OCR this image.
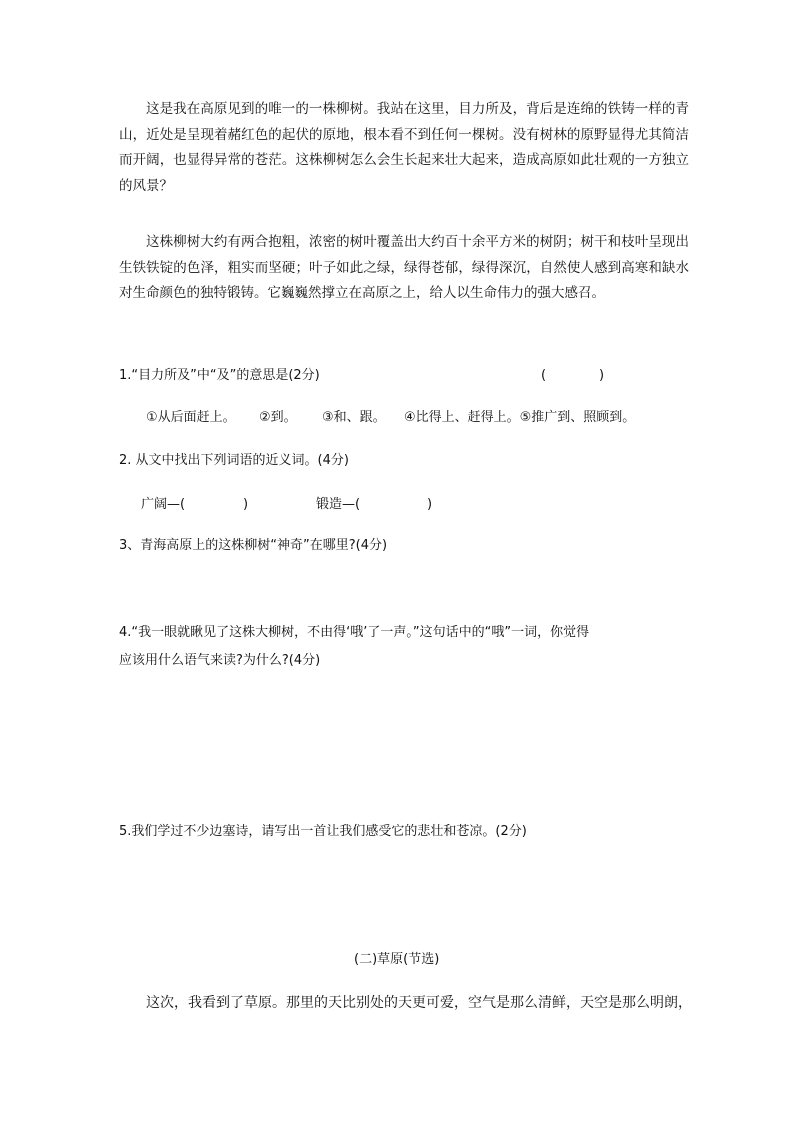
这是我在高原见到的唯一的一株柳树。我站在这里，目力所及，背后是连绵的铁铸一样的青山，近处是呈现着赭红色的起伏的原地，根本看不到任何一棵树。没有树林的原野显得尤其简洁而开阔，也显得异常的苍茫。这株柳树怎么会生长起来壮大起来，造成高原如此壮观的一方独立的风景？

这株柳树大约有两合抱粗，浓密的树叶覆盖出大约百十余平方米的树阴；树干和枝叶呈现出生铁铁锭的色泽，粗实而坚硬；叶子如此之绿，绿得苍郁，绿得深沉，自然使人感到高寒和缺水对生命颜色的独特锻铸。它巍巍然撑立在高原之上，给人以生命伟力的强大感召。

1.“目力所及”中“及”的意思是(2分)	(	)
①从后面赶上。 ②到。 ③和、跟。 ④比得上、赶得上。⑤推广到、照顾到。
2. 从文中找出下列词语的近义词。(4分)
广阔—(	)	锻造—(	)
3、青海高原上的这株柳树“神奇”在哪里?(4分)
4.“我一眼就瞅见了这株大柳树，不由得‘哦’了一声。”这句话中的“哦”一词，你觉得
应该用什么语气来读?为什么?(4分)
5.我们学过不少边塞诗，请写出一首让我们感受它的悲壮和苍凉。(2分)
(二)草原(节选)
这次，我看到了草原。那里的天比别处的天更可爱，空气是那么清鲜，天空是那么明朗，
